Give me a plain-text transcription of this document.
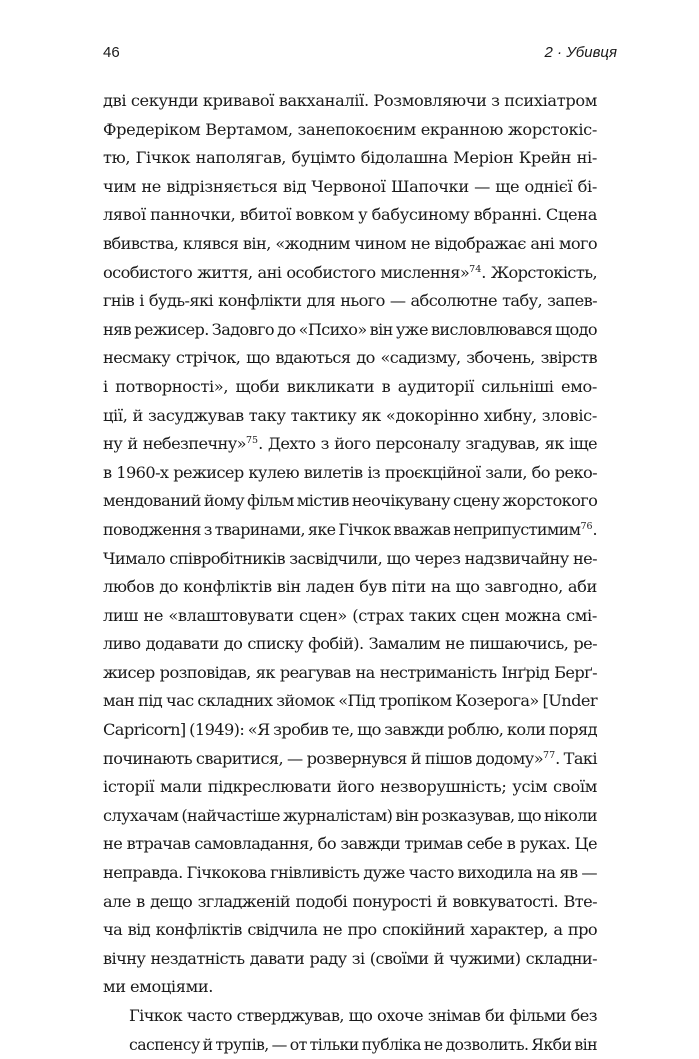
46	2 · Убивця

дві секунди кривавої вакханалії. Розмовляючи з психіатром
Фредеріком Вертамом, занепокоєним екранною жорстокіс-
тю, Гічкок наполягав, буцімто бідолашна Меріон Крейн ні-
чим не відрізняється від Червоної Шапочки — ще однієї бі-
лявої панночки, вбитої вовком у бабусиному вбранні. Сцена
вбивства, клявся він, «жодним чином не відображає ані мого
особистого життя, ані особистого мислення»$^{74}$. Жорстокість,
гнів і будь-які конфлікти для нього — абсолютне табу, запев-
няв режисер. Задовго до «Психо» він уже висловлювався щодо
несмаку стрічок, що вдаються до «садизму, збочень, звірств
і потворності», щоби викликати в аудиторії сильніші емо-
ції, й засуджував таку тактику як «докорінно хибну, зловіс-
ну й небезпечну»$^{75}$. Дехто з його персоналу згадував, як іще
в 1960-х режисер кулею вилетів із проєкційної зали, бо реко-
мендований йому фільм містив неочікувану сцену жорстокого
поводження з тваринами, яке Гічкок вважав неприпустимим$^{76}$.
Чимало співробітників засвідчили, що через надзвичайну не-
любов до конфліктів він ладен був піти на що завгодно, аби
лиш не «влаштовувати сцен» (страх таких сцен можна смі-
ливо додавати до списку фобій). Замалим не пишаючись, ре-
жисер розповідав, як реагував на нестриманість Інґрід Берґ-
ман під час складних зйомок «Під тропіком Козерога» [Under
Capricorn] (1949): «Я зробив те, що завжди роблю, коли поряд
починають свaритися, — розвернувся й пішов додому»$^{77}$. Такі
історії мали підкреслювати його незворушність; усім своїм
слухачам (найчастіше журналістам) він розказував, що ніколи
не втрачав самовладання, бо завжди тримав себе в руках. Це
неправда. Гічкокова гнівливість дуже часто виходила на яв —
але в дещо згладженій подобі понурості й вовкуватості. Вте-
ча від конфліктів свідчила не про спокійний характер, а про
вічну нездатність давати раду зі (своїми й чужими) складни-
ми емоціями.

Гічкок часто стверджував, що охоче знімав би фільми без
саспенсу й трупів, — от тільки публіка не дозволить. Якби він
